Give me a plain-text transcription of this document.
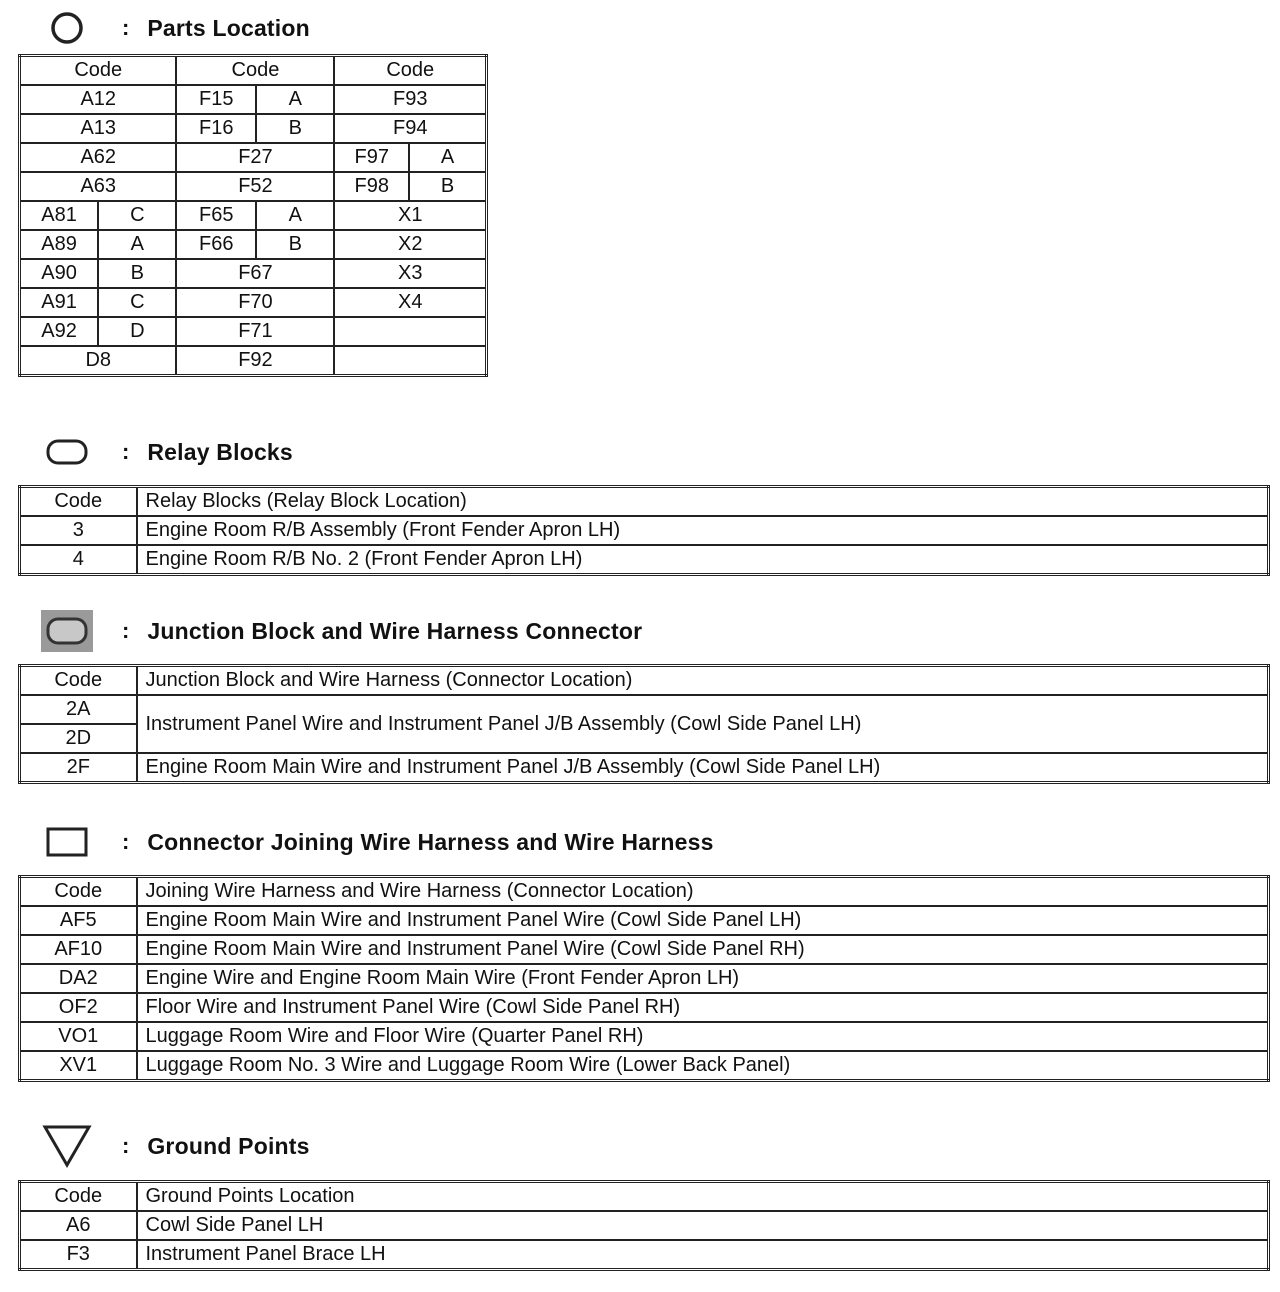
: Parts Location
Code		Code		Code	
A12		F15	A	F93	
A13		F16	B	F94	
A62		F27		F97	A
A63		F52		F98	B
A81	C	F65	A	X1	
A89	A	F66	B	X2	
A90	B	F67		X3	
A91	C	F70		X4	
A92	D	F71			
D8		F92			
: Relay Blocks
Code	Relay Blocks (Relay Block Location)
3	Engine Room R/B Assembly (Front Fender Apron LH)
4	Engine Room R/B No. 2 (Front Fender Apron LH)
: Junction Block and Wire Harness Connector
Code	Junction Block and Wire Harness (Connector Location)
2A	Instrument Panel Wire and Instrument Panel J/B Assembly (Cowl Side Panel LH)
2D	
2F	Engine Room Main Wire and Instrument Panel J/B Assembly (Cowl Side Panel LH)
: Connector Joining Wire Harness and Wire Harness
Code	Joining Wire Harness and Wire Harness (Connector Location)
AF5	Engine Room Main Wire and Instrument Panel Wire (Cowl Side Panel LH)
AF10	Engine Room Main Wire and Instrument Panel Wire (Cowl Side Panel RH)
DA2	Engine Wire and Engine Room Main Wire (Front Fender Apron LH)
OF2	Floor Wire and Instrument Panel Wire (Cowl Side Panel RH)
VO1	Luggage Room Wire and Floor Wire (Quarter Panel RH)
XV1	Luggage Room No. 3 Wire and Luggage Room Wire (Lower Back Panel)
: Ground Points
Code	Ground Points Location
A6	Cowl Side Panel LH
F3	Instrument Panel Brace LH
